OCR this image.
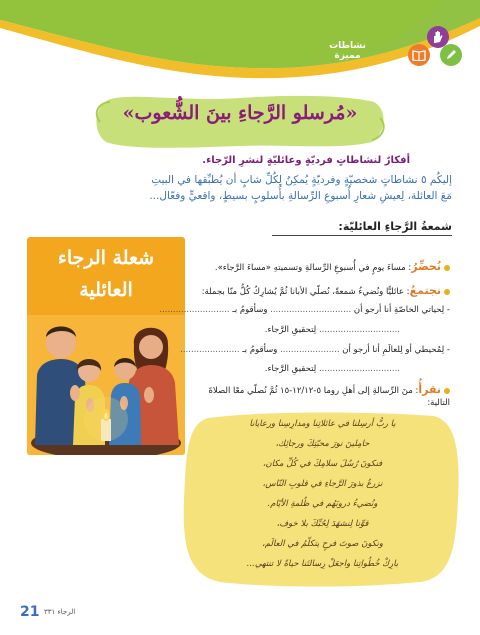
نشاطات مميزة
«مُرسلو الرَّجاءِ بينَ الشُّعوب»
أفكارٌ لنشاطاتٍ فرديّةٍ وعائليّةٍ لنشرِ الرّجاء.
إليكُم ٥ نشاطاتٍ شخصيّةٍ وفرديّةٍ يُمكِنُ لِكُلِّ شابٍ أن يُطبِّقها في البيتِ
مَعَ العائلة، لِعيشِ شعارِ أُسبوعِ الرِّسالةِ بأُسلوبٍ بسيطٍ، واقعيٍّ وفعّال...
شمعةُ الرَّجاءِ العائليّة:
شعلة الرجاء
العائلية
نُحضِّرُ: مساءَ يومٍ في أُسبوعِ الرِّسالةِ وتسميتهِ «مساءَ الرَّجاء».
نجتمعُ: عائليًّا ونُضيءُ شمعةً، نُصلّي الأبانا ثُمَّ يُشارِكُ كُلُّ منّا بجملة:
- لِحياتي الخاصّةِ أنا أرجو أن .............................. وسأقومُ بـ ..........................
.............................. لِتحقيقِ الرَّجاء.
- لِمُحيطي أو لِلعالَمِ أنا أرجو أن ...................... وسأقومُ بـ ......................
.............................. لِتحقيقِ الرَّجاء.
نقرأُ: منَ الرِّسالةِ إلى أهلِ روما ٥-١٢/١٢-١٥ ثُمَّ نُصلّي معًا الصلاةَ
التالية:
يا ربُّ أرسِلنا في عائلاتِنا ومدارِسِنا ورعايانا
حامِلينَ نورَ محبّتِكَ ورجائِك،
فنكونَ رُسُلَ سلامِكَ في كُلِّ مكان،
نزرعُ بذورَ الرَّجاءِ في قلوبِ النّاس،
ونُضيءُ دروبَهُم في ظُلمةِ الأيّام.
قوِّنا لِنشهَدَ لِحُبِّكَ بلا خوف،
ونكونَ صوتَ فرحٍ يتكلّمُ في العالَم،
بارِكْ خُطُواتِنا واجعَلْ رِسالتَنا حياةً لا تنتهي...
21 الرجاء ٣٣١
